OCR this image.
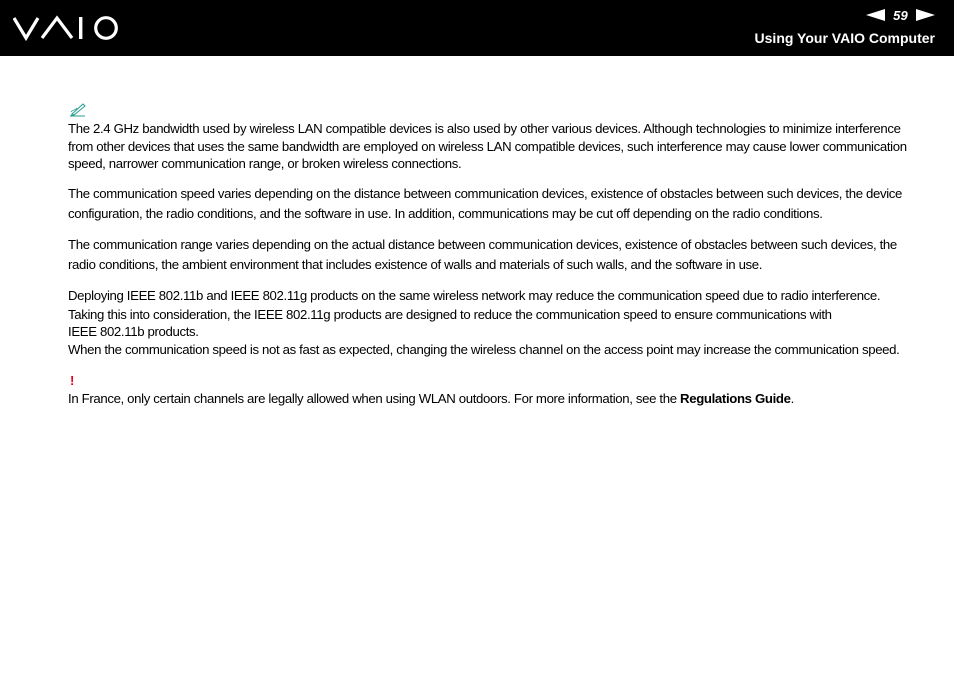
59
Using Your VAIO Computer

The 2.4 GHz bandwidth used by wireless LAN compatible devices is also used by other various devices. Although technologies to minimize interference from other devices that uses the same bandwidth are employed on wireless LAN compatible devices, such interference may cause lower communication speed, narrower communication range, or broken wireless connections.

The communication speed varies depending on the distance between communication devices, existence of obstacles between such devices, the device configuration, the radio conditions, and the software in use. In addition, communications may be cut off depending on the radio conditions.

The communication range varies depending on the actual distance between communication devices, existence of obstacles between such devices, the radio conditions, the ambient environment that includes existence of walls and materials of such walls, and the software in use.

Deploying IEEE 802.11b and IEEE 802.11g products on the same wireless network may reduce the communication speed due to radio interference.

Taking this into consideration, the IEEE 802.11g products are designed to reduce the communication speed to ensure communications with

IEEE 802.11b products.

When the communication speed is not as fast as expected, changing the wireless channel on the access point may increase the communication speed.

!

In France, only certain channels are legally allowed when using WLAN outdoors. For more information, see the Regulations Guide.
